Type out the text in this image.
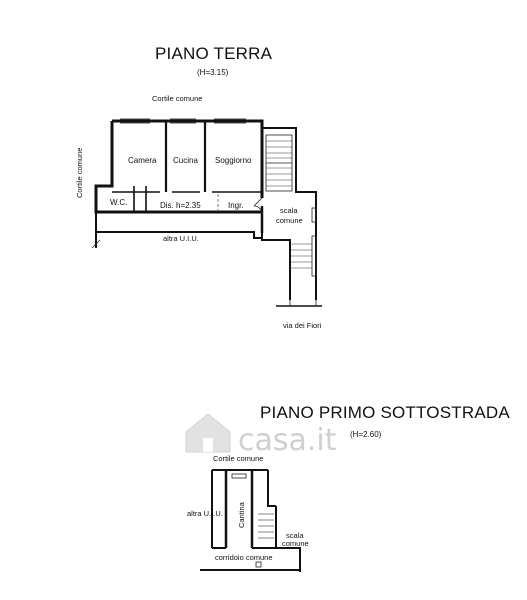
casa.it
PIANO TERRA
(H=3.15)
Cortile comune
Cortile comune	Camera Cucina Soggiorno
W.C.	Dis. h=2.35	Ingr.
altra U.I.U.
scala
comune
via dei Fiori
PIANO PRIMO SOTTOSTRADA
(H=2.60)
Cortile comune
Cantina
altra U.I.U.
scala
comune
corridoio comune
